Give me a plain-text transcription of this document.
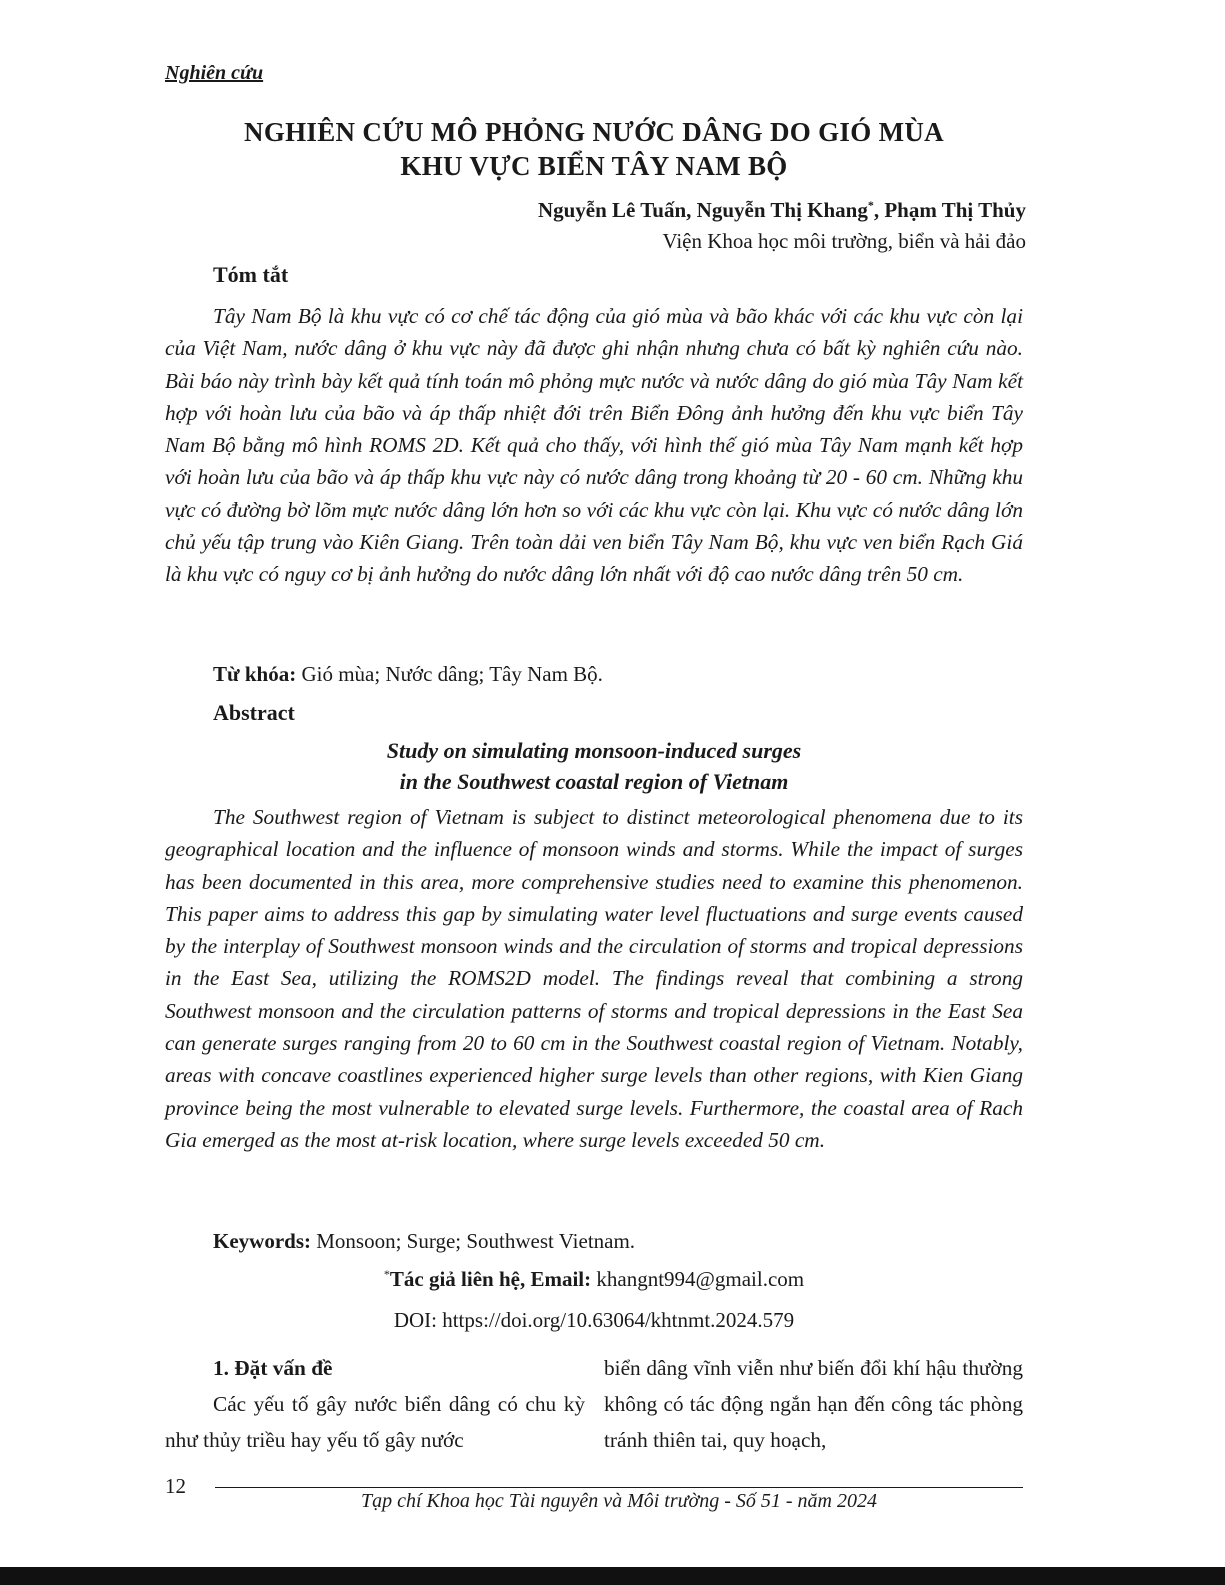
Nghiên cứu
NGHIÊN CỨU MÔ PHỎNG NƯỚC DÂNG DO GIÓ MÙA
KHU VỰC BIỂN TÂY NAM BỘ
Nguyễn Lê Tuấn, Nguyễn Thị Khang*, Phạm Thị Thủy
Viện Khoa học môi trường, biển và hải đảo
Tóm tắt
Tây Nam Bộ là khu vực có cơ chế tác động của gió mùa và bão khác với các khu vực còn lại của Việt Nam, nước dâng ở khu vực này đã được ghi nhận nhưng chưa có bất kỳ nghiên cứu nào. Bài báo này trình bày kết quả tính toán mô phỏng mực nước và nước dâng do gió mùa Tây Nam kết hợp với hoàn lưu của bão và áp thấp nhiệt đới trên Biển Đông ảnh hưởng đến khu vực biển Tây Nam Bộ bằng mô hình ROMS 2D. Kết quả cho thấy, với hình thế gió mùa Tây Nam mạnh kết hợp với hoàn lưu của bão và áp thấp khu vực này có nước dâng trong khoảng từ 20 - 60 cm. Những khu vực có đường bờ lõm mực nước dâng lớn hơn so với các khu vực còn lại. Khu vực có nước dâng lớn chủ yếu tập trung vào Kiên Giang. Trên toàn dải ven biển Tây Nam Bộ, khu vực ven biển Rạch Giá là khu vực có nguy cơ bị ảnh hưởng do nước dâng lớn nhất với độ cao nước dâng trên 50 cm.
Từ khóa: Gió mùa; Nước dâng; Tây Nam Bộ.
Abstract
Study on simulating monsoon-induced surges
in the Southwest coastal region of Vietnam
The Southwest region of Vietnam is subject to distinct meteorological phenomena due to its geographical location and the influence of monsoon winds and storms. While the impact of surges has been documented in this area, more comprehensive studies need to examine this phenomenon. This paper aims to address this gap by simulating water level fluctuations and surge events caused by the interplay of Southwest monsoon winds and the circulation of storms and tropical depressions in the East Sea, utilizing the ROMS2D model. The findings reveal that combining a strong Southwest monsoon and the circulation patterns of storms and tropical depressions in the East Sea can generate surges ranging from 20 to 60 cm in the Southwest coastal region of Vietnam. Notably, areas with concave coastlines experienced higher surge levels than other regions, with Kien Giang province being the most vulnerable to elevated surge levels. Furthermore, the coastal area of Rach Gia emerged as the most at-risk location, where surge levels exceeded 50 cm.
Keywords: Monsoon; Surge; Southwest Vietnam.
*Tác giả liên hệ, Email: khangnt994@gmail.com
DOI: https://doi.org/10.63064/khtnmt.2024.579
1. Đặt vấn đề
Các yếu tố gây nước biển dâng có chu kỳ như thủy triều hay yếu tố gây nước
biển dâng vĩnh viễn như biến đổi khí hậu thường không có tác động ngắn hạn đến công tác phòng tránh thiên tai, quy hoạch,
12
Tạp chí Khoa học Tài nguyên và Môi trường - Số 51 - năm 2024
